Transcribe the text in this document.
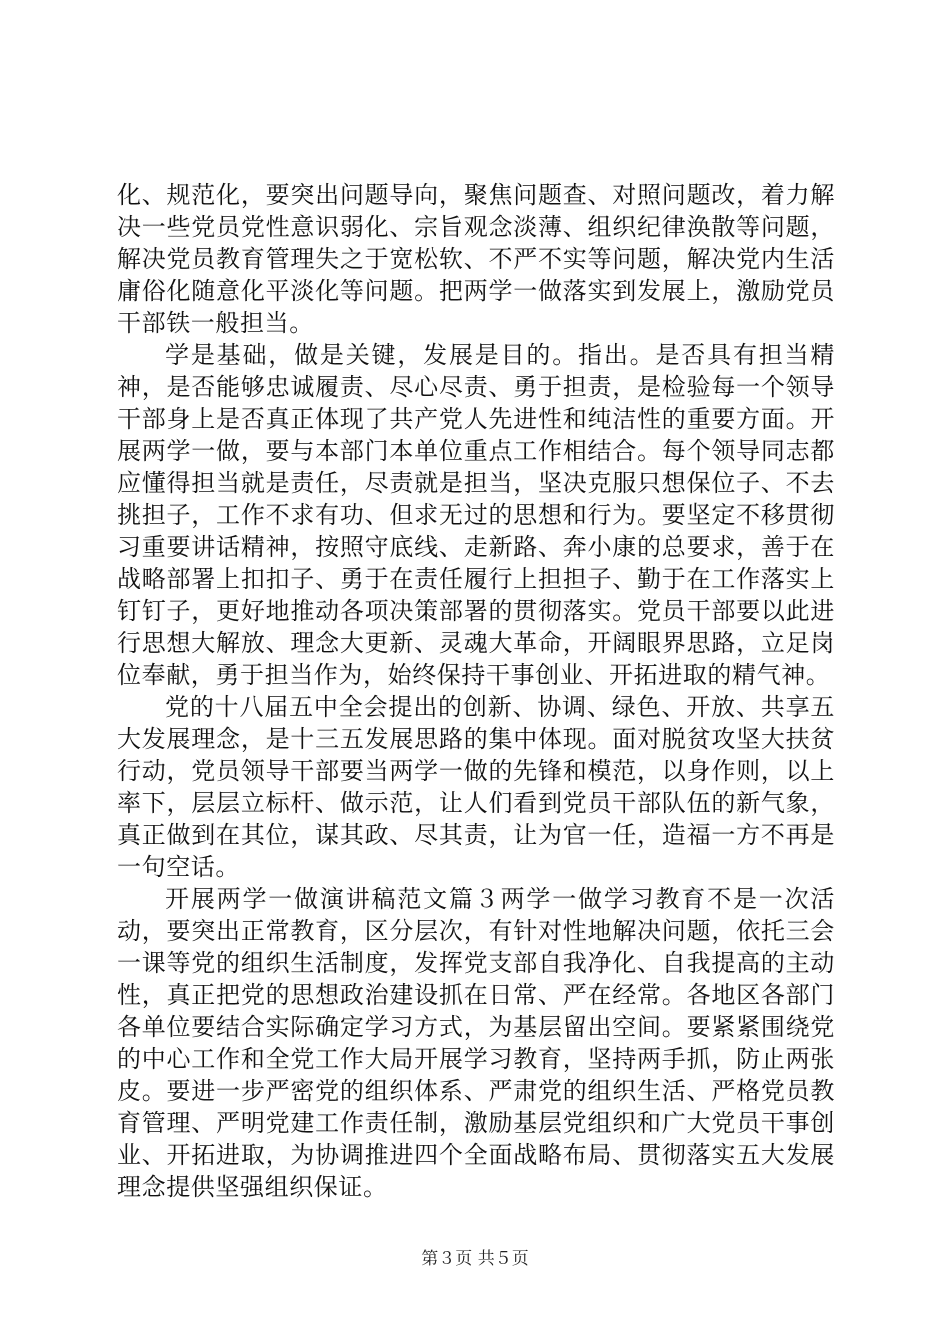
化、规范化，要突出问题导向，聚焦问题查、对照问题改，着力解决一些党员党性意识弱化、宗旨观念淡薄、组织纪律涣散等问题，解决党员教育管理失之于宽松软、不严不实等问题，解决党内生活庸俗化随意化平淡化等问题。把两学一做落实到发展上，激励党员干部铁一般担当。

学是基础，做是关键，发展是目的。指出。是否具有担当精神，是否能够忠诚履责、尽心尽责、勇于担责，是检验每一个领导干部身上是否真正体现了共产党人先进性和纯洁性的重要方面。开展两学一做，要与本部门本单位重点工作相结合。每个领导同志都应懂得担当就是责任，尽责就是担当，坚决克服只想保位子、不去挑担子，工作不求有功、但求无过的思想和行为。要坚定不移贯彻习重要讲话精神，按照守底线、走新路、奔小康的总要求，善于在战略部署上扣扣子、勇于在责任履行上担担子、勤于在工作落实上钉钉子，更好地推动各项决策部署的贯彻落实。党员干部要以此进行思想大解放、理念大更新、灵魂大革命，开阔眼界思路，立足岗位奉献，勇于担当作为，始终保持干事创业、开拓进取的精气神。

党的十八届五中全会提出的创新、协调、绿色、开放、共享五大发展理念，是十三五发展思路的集中体现。面对脱贫攻坚大扶贫行动，党员领导干部要当两学一做的先锋和模范，以身作则，以上率下，层层立标杆、做示范，让人们看到党员干部队伍的新气象，真正做到在其位，谋其政、尽其责，让为官一任，造福一方不再是一句空话。

开展两学一做演讲稿范文篇３两学一做学习教育不是一次活动，要突出正常教育，区分层次，有针对性地解决问题，依托三会一课等党的组织生活制度，发挥党支部自我净化、自我提高的主动性，真正把党的思想政治建设抓在日常、严在经常。各地区各部门各单位要结合实际确定学习方式，为基层留出空间。要紧紧围绕党的中心工作和全党工作大局开展学习教育，坚持两手抓，防止两张皮。要进一步严密党的组织体系、严肃党的组织生活、严格党员教育管理、严明党建工作责任制，激励基层党组织和广大党员干事创业、开拓进取，为协调推进四个全面战略布局、贯彻落实五大发展理念提供坚强组织保证。

第３页 共５页
